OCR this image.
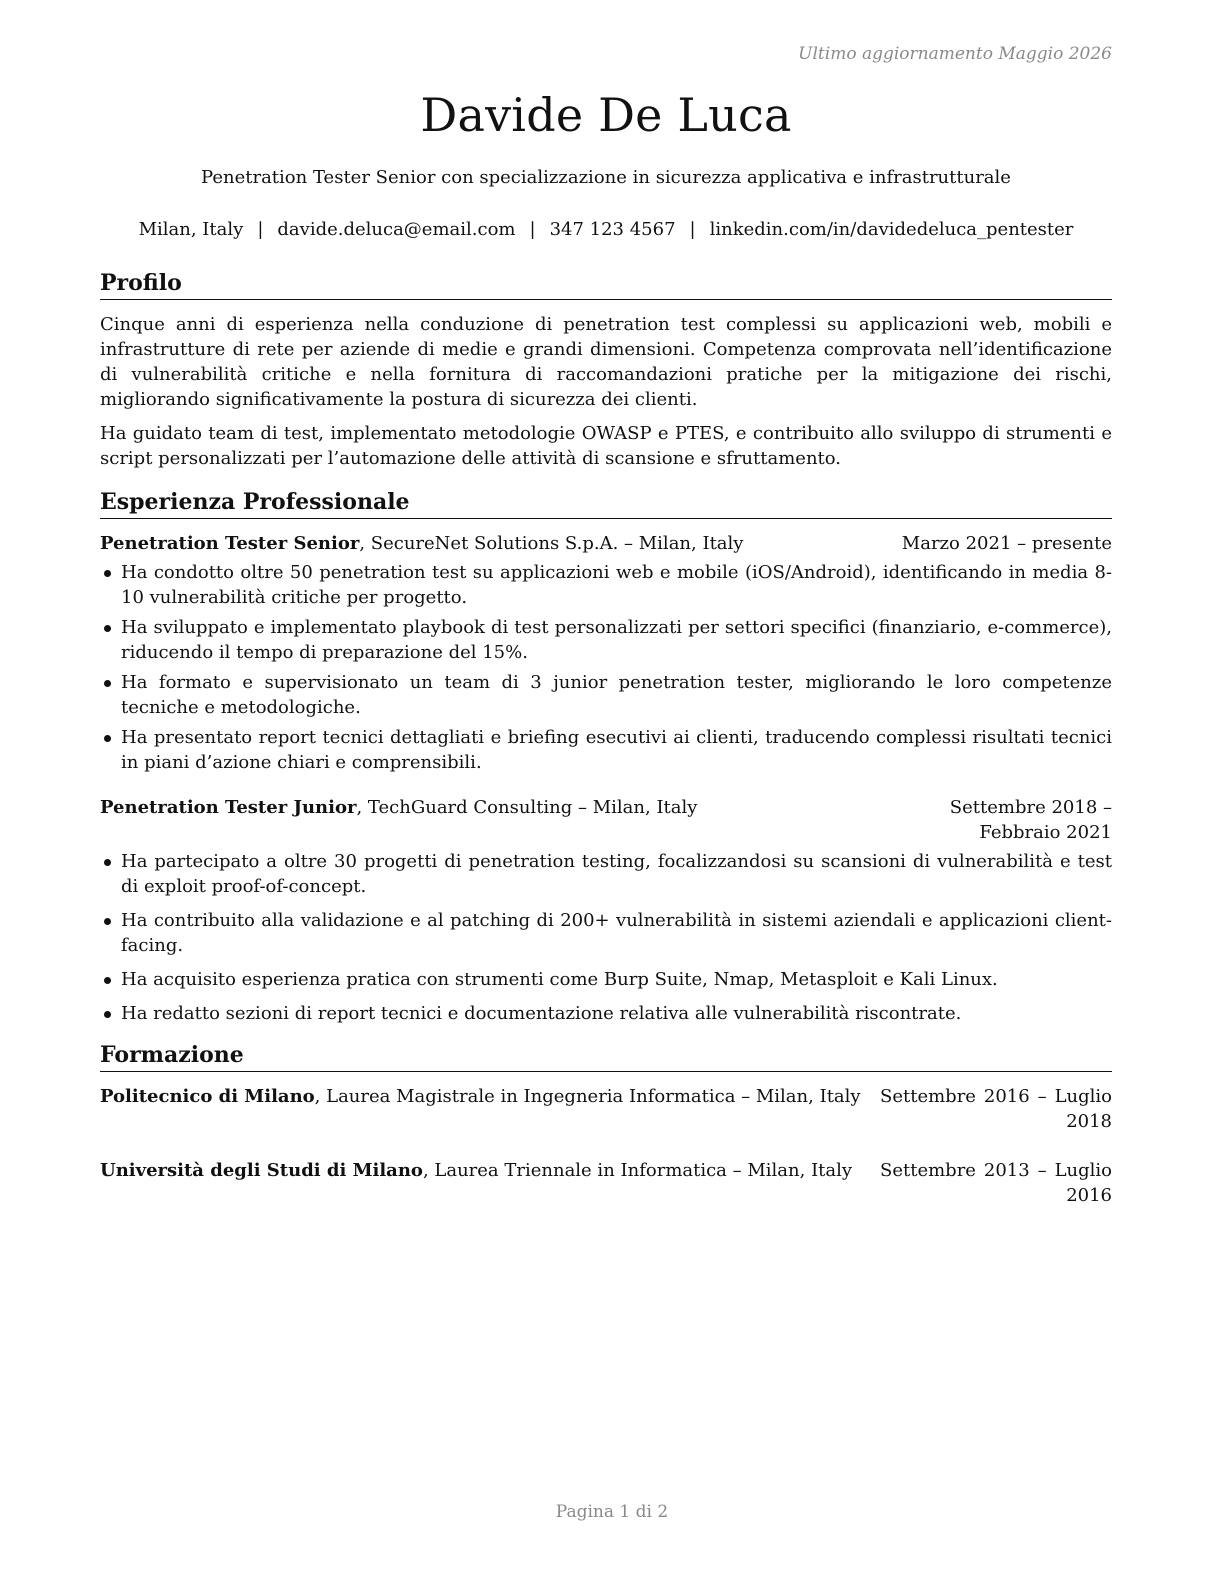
Ultimo aggiornamento Maggio 2026
Davide De Luca
Penetration Tester Senior con specializzazione in sicurezza applicativa e infrastrutturale
Milan, Italy | davide.deluca@email.com | 347 123 4567 | linkedin.com/in/davidedeluca_pentester
Profilo

Cinque anni di esperienza nella conduzione di penetration test complessi su applicazioni web, mobili e infrastrutture di rete per aziende di medie e grandi dimensioni. Competenza comprovata nell’identificazione di vulnerabilità critiche e nella fornitura di raccomandazioni pratiche per la mitigazione dei rischi, migliorando significativamente la postura di sicurezza dei clienti.

Ha guidato team di test, implementato metodologie OWASP e PTES, e contribuito allo sviluppo di strumenti e script personalizzati per l’automazione delle attività di scansione e sfruttamento.

Esperienza Professionale
Penetration Tester Senior, SecureNet Solutions S.p.A. – Milan, Italy	Marzo 2021 – presente
Ha condotto oltre 50 penetration test su applicazioni web e mobile (iOS/Android), identificando in media 8-10 vulnerabilità critiche per progetto.
Ha sviluppato e implementato playbook di test personalizzati per settori specifici (finanziario, e-commerce), riducendo il tempo di preparazione del 15%.
Ha formato e supervisionato un team di 3 junior penetration tester, migliorando le loro competenze tecniche e metodologiche.
Ha presentato report tecnici dettagliati e briefing esecutivi ai clienti, traducendo complessi risultati tecnici in piani d’azione chiari e comprensibili.
Penetration Tester Junior, TechGuard Consulting – Milan, Italy	Settembre 2018 – Febbraio 2021
Ha partecipato a oltre 30 progetti di penetration testing, focalizzandosi su scansioni di vulnerabilità e test di exploit proof-of-concept.
Ha contribuito alla validazione e al patching di 200+ vulnerabilità in sistemi aziendali e applicazioni client-facing.
Ha acquisito esperienza pratica con strumenti come Burp Suite, Nmap, Metasploit e Kali Linux.
Ha redatto sezioni di report tecnici e documentazione relativa alle vulnerabilità riscontrate.
Formazione
Politecnico di Milano, Laurea Magistrale in Ingegneria Informatica – Milan, Italy	Settembre 2016 – Luglio 2018
Università degli Studi di Milano, Laurea Triennale in Informatica – Milan, Italy	Settembre 2013 – Luglio 2016
Pagina 1 di 2
